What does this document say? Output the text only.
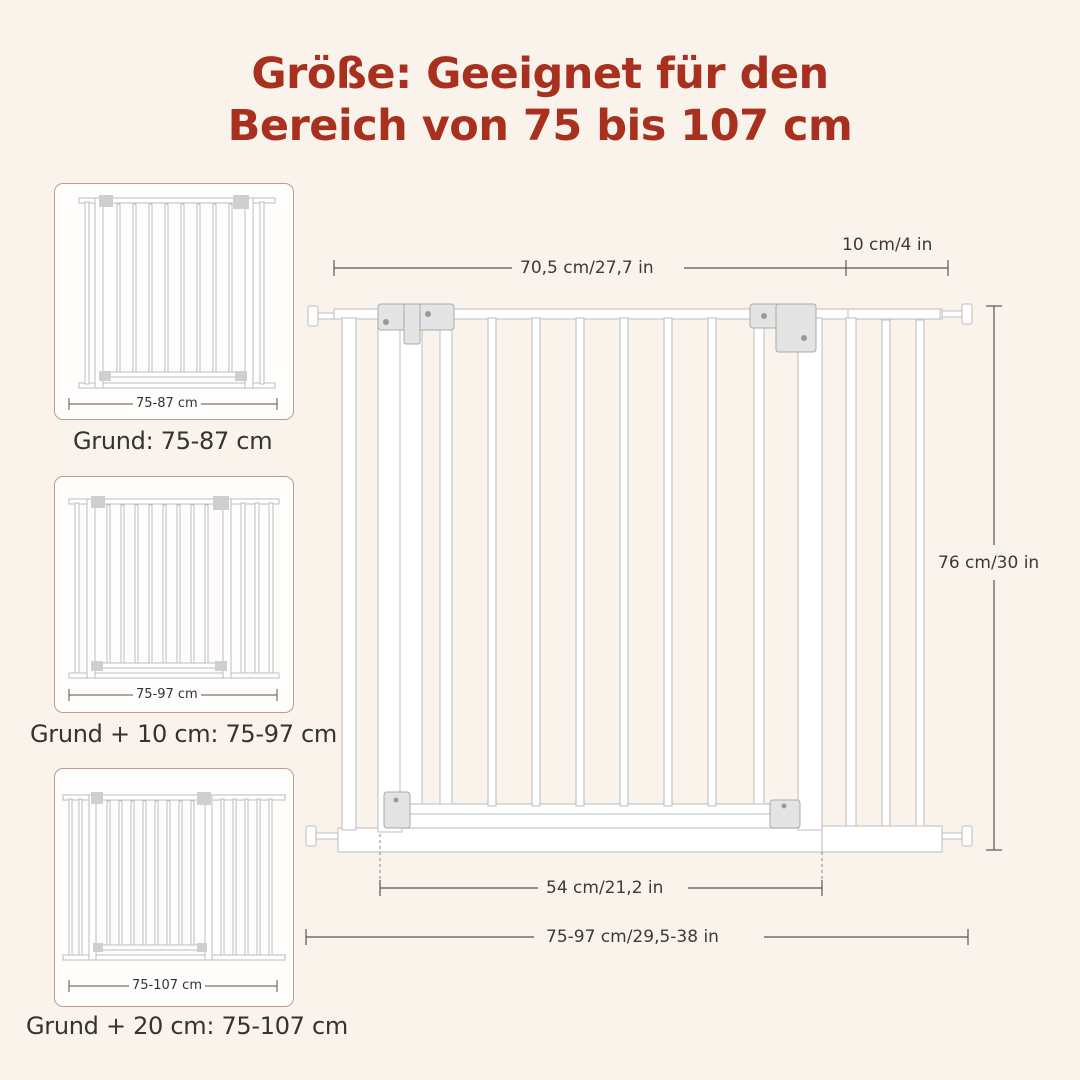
Größe: Geeignet für den
Bereich von 75 bis 107 cm
75-87 cm
Grund: 75-87 cm
75-97 cm
Grund + 10 cm: 75-97 cm
75-107 cm
Grund + 20 cm: 75-107 cm
70,5 cm/27,7 in
10 cm/4 in
76 cm/30 in
54 cm/21,2 in
75-97 cm/29,5-38 in
